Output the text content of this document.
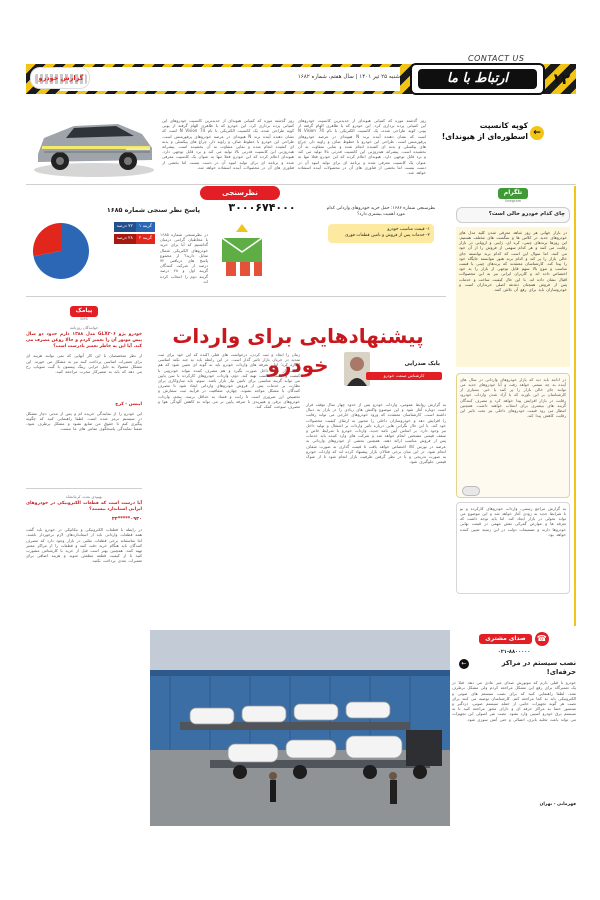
CONTACT US
ارتباط با ما	۱۲
شنبه ۲۵ تیر ۱۴۰۱ | سال هفتم، شماره ۱۶۸۲
گزارش خودرو
روز گذشته موزه که کمپانی هیوندای از جدیدترین کانسپت خودروهای این کمپانی پرده برداری کرد. این خودرو که با ظاهری الهام گرفته از پونی کوپه طراحی شده، یک کانسپت الکتریکی با نام N Vision 74 است که نشان دهنده آینده برند N هیوندای در عرصه خودروهای پرفورمنس است. طراحی این خودرو با خطوط صاف و زاویه دار، چراغ های پیکسلی و بدنه ای کشیده انجام شده و نمایی متفاوت به آن بخشیده است. پیشرانه هیدروژنی این کانسپت قدرتی بالا تولید می کند و برد قابل توجهی دارد. هیوندای اعلام کرده که این خودرو فعلا تنها به عنوان یک کانسپت معرفی شده و برنامه ای برای تولید انبوه آن در دست نیست اما بخشی از فناوری های آن در محصولات آینده استفاده خواهد شد.
روز گذشته موزه که کمپانی هیوندای از جدیدترین کانسپت خودروهای این کمپانی پرده برداری کرد. این خودرو که با ظاهری الهام گرفته از پونی کوپه طراحی شده، یک کانسپت الکتریکی با نام N Vision 74 است که نشان دهنده آینده برند N هیوندای در عرصه خودروهای پرفورمنس است. طراحی این خودرو با خطوط صاف و زاویه دار، چراغ های پیکسلی و بدنه ای کشیده انجام شده و نمایی متفاوت به آن بخشیده است. پیشرانه هیدروژنی این کانسپت قدرتی بالا تولید می کند و برد قابل توجهی دارد. هیوندای اعلام کرده که این خودرو فعلا تنها به عنوان یک کانسپت معرفی شده و برنامه ای برای تولید انبوه آن در دست نیست اما بخشی از فناوری های آن در محصولات آینده استفاده خواهد شد.
←
کوپه کانسپت اسطوره‌ای از هیوندای!
تلگرام
Telegram
چای کدام خودرو خالی است؟
در بازار جهانی هر روز شاهد معرفی شدن کلیه مدل های خودروهای جدید در کلاس ها و سگمنت های مختلف هستیم. این روزها برندهای چینی، کره ای، ژاپنی و اروپایی در بازار رقابت می کنند و هر کدام سهمی از فروش را از آن خود می کنند. اما سوال این است که کدام برند توانسته جای خالی بازار را پر کند و کدام برند هنوز نتوانسته جایگاه خود را پیدا کند. کارشناسان معتقدند که برندهای چینی با قیمت مناسب و تنوع بالا سهم قابل توجهی از بازار را به خود اختصاص داده اند و کاربران ایرانی نیز به این محصولات اقبال نشان داده اند. با این حال کیفیت ساخت و خدمات پس از فروش همچنان دغدغه اصلی خریداران است و خودروسازان باید برای رفع آن تلاش کنند.
در ادامه باید دید که بازار خودروهای وارداتی در سال های آینده به چه سمتی خواهد رفت و آیا خودروهای جدید می توانند جای خالی بازار را پر کنند یا خیر. بسیاری از کارشناسان بر این باورند که با آزاد شدن واردات خودرو، رقابت در بازار افزایش پیدا خواهد کرد و مصرف کنندگان گزینه های بیشتری برای انتخاب خواهند داشت. همچنین انتظار می رود قیمت خودروهای داخلی نیز تحت تاثیر این رقابت کاهش پیدا کند.
به گزارش مراجع رسمی، واردات خودروهای کارکرده و نو با شرایط جدید به زودی آغاز خواهد شد و این موضوع می تواند تحولی در بازار ایجاد کند. اما باید توجه داشت که تعرفه ها و عوارض گمرکی نقش مهمی در قیمت نهایی خودروها دارند و تصمیمات دولت در این زمینه تعیین کننده خواهد بود.
نظرسنجی
۳۰۰۰۶۷۴۰۰۰
پاسخ نظر سنجی شماره ۱۶۸۵	نظرسنجی شماره ۱۶۸۶: حمل خرید خودروهای وارداتی کدام مورد اهمیت بیشتری دارد؟
۱- قیمت مناسب خودرو
۲- خدمات پس از فروش و تامین قطعات فوری
گزینه ۱
۷۲ درصد
گزینه ۲
۲۸ درصد
در نظرسنجی شماره ۱۶۸۵ با مخاطبان گرامی درمیان گذاشتیم که آیا برای خرید خودروهای الکتریکی شمال تمایل دارید؟ از مجموع پاسخ های دریافتی ۷۲ درصد از شرکت کنندگان گزینه اول و ۲۸ درصد گزینه دوم را انتخاب کرده اند.
پیامک
SMS
خوانندگان روزنامه
خودرو پژو GLX۲۰۶ مدل ۱۳۸۸ دارم حدود دو سال پیش موتور آن را تعمیر کردم و حالا روغن مصرف می کند. آیا این به خاطر تعمیر نادرست است؟
از نظر متخصصان با این کار آنهایی که نمی توانند هزینه ای برای تعمیرات اساسی پرداخت کنند نیز به مشکل می خورند. این مشکل معمولا به دلیل خرابی رینگ پیستون یا گیت سوپاپ رخ می دهد که باید به تعمیرکار مجرب مراجعه کنید.
اپنشن - کرج
این خودرو را از نمایندگی خریده ام و پس از مدتی دچار مشکل در سیستم ترمز شده است. لطفا راهنمایی کنید که چگونه پیگیری کنم تا حقوق من ضایع نشود و مشکل برطرف شود. ضمنا نمایندگی پاسخگوی تماس های ما نیست.
بهبودی بحث، کرمانشاه
آیا درست است که قطعات الکترونیکی در خودروهای ایرانی استاندارد نیستند؟
۰۹۳۰*****۳۴
در رابطه با قطعات الکترونیکی و مکانیکی در خودرو باید گفت همه قطعات وارداتی باید از استانداردهای لازم برخوردار باشند. اما متاسفانه برخی قطعات تقلبی در بازار وجود دارد که مصرف کنندگان باید هنگام خرید دقت کنند و قطعات را از مراکز معتبر تهیه کنند. همچنین بهتر است قبل از خرید با کارشناس مشورت کنید تا از کیفیت قطعه مطمئن شوید و هزینه اضافی برای تعمیرات بعدی پرداخت نکنید.
پیشنهادهایی برای واردات خودرو	بابک صدرایی
کارشناس صنعت خودرو
به گزارش روابط عمومی، واردات خودرو پس از حدود چهار سال توقف قرار است دوباره آغاز شود و این موضوع واکنش های زیادی را در بازار به دنبال داشته است. کارشناسان معتقدند که ورود خودروهای خارجی می تواند رقابت را افزایش دهد و خودروسازان داخلی را مجبور به ارتقای کیفیت محصولات خود کند. با این حال نگرانی هایی درباره تاثیر واردات بر اشتغال و تولید داخل نیز وجود دارد. بر اساس آیین نامه جدید، واردات خودرو با شرایط خاص و سقف قیمتی مشخص انجام خواهد شد و شرکت های وارد کننده باید خدمات پس از فروش مناسب ارائه دهند. همچنین بخشی از خودروهای وارداتی به عرضه در بورس کالا اختصاص خواهد یافت تا قیمت گذاری به صورت شفاف انجام شود. در این میان برخی فعالان بازار پیشنهاد کرده اند که واردات خودرو به صورت تدریجی و با در نظر گرفتن ظرفیت بازار انجام شود تا از شوک قیمتی جلوگیری شود.
زمان را ایجاد و ثبت کردن، درخواست های قبلی اکنده که این خود برای ثبت تمدید در جریان بازار تاثیر گذار است. در این رابطه باید به چند نکته اساسی اشاره کرد: اول، تعرفه های واردات خودرو باید به گونه ای تعیین شود که هم حمایت از تولید داخل صورت بگیرد و هم مصرف کننده بتواند خودرویی با کیفیت و قیمت مناسب تهیه کند. دوم، واردات خودروهای کارکرده با سن پایین می تواند گزینه مناسبی برای تامین نیاز بازار باشد. سوم، باید سازوکاری برای نظارت بر خدمات پس از فروش خودروهای وارداتی ایجاد شود تا مصرف کنندگان با مشکل مواجه نشوند. چهارم، شفافیت در فرآیند ثبت سفارش و تخصیص ارز ضروری است تا رانت و فساد به حداقل برسد. پنجم، واردات خودروهای برقی و هیبریدی با تعرفه پایین تر می تواند به کاهش آلودگی هوا و مصرف سوخت کمک کند.
صدای مشتری	☎
۰۲۱-۸۸۰۰۰۰۰
نصب سیستم در مراکز حرفه‌ای!
←
خودرو با قبلی دارم که موتورش صدای غیر عادی می دهد. قبلا در یک تعمیرگاه برای رفع این مشکل مراجعه کردم ولی مشکل برطرف نشد. لطفا راهنمایی کنید که برای نصب سیستم های صوتی و الکترونیکی باید به کجا مراجعه کنم. کارشناسان توصیه می کنند برای نصب هر گونه تجهیزات جانبی از جمله سیستم صوتی، دزدگیر و سنسور حتما به مراکز حرفه ای و دارای مجوز مراجعه کنید تا به سیستم برق خودرو آسیبی وارد نشود. نصب غیر اصولی این تجهیزات می تواند باعث تخلیه باتری، اتصالی و حتی آتش سوزی شود.
فهرمانی - تهران
